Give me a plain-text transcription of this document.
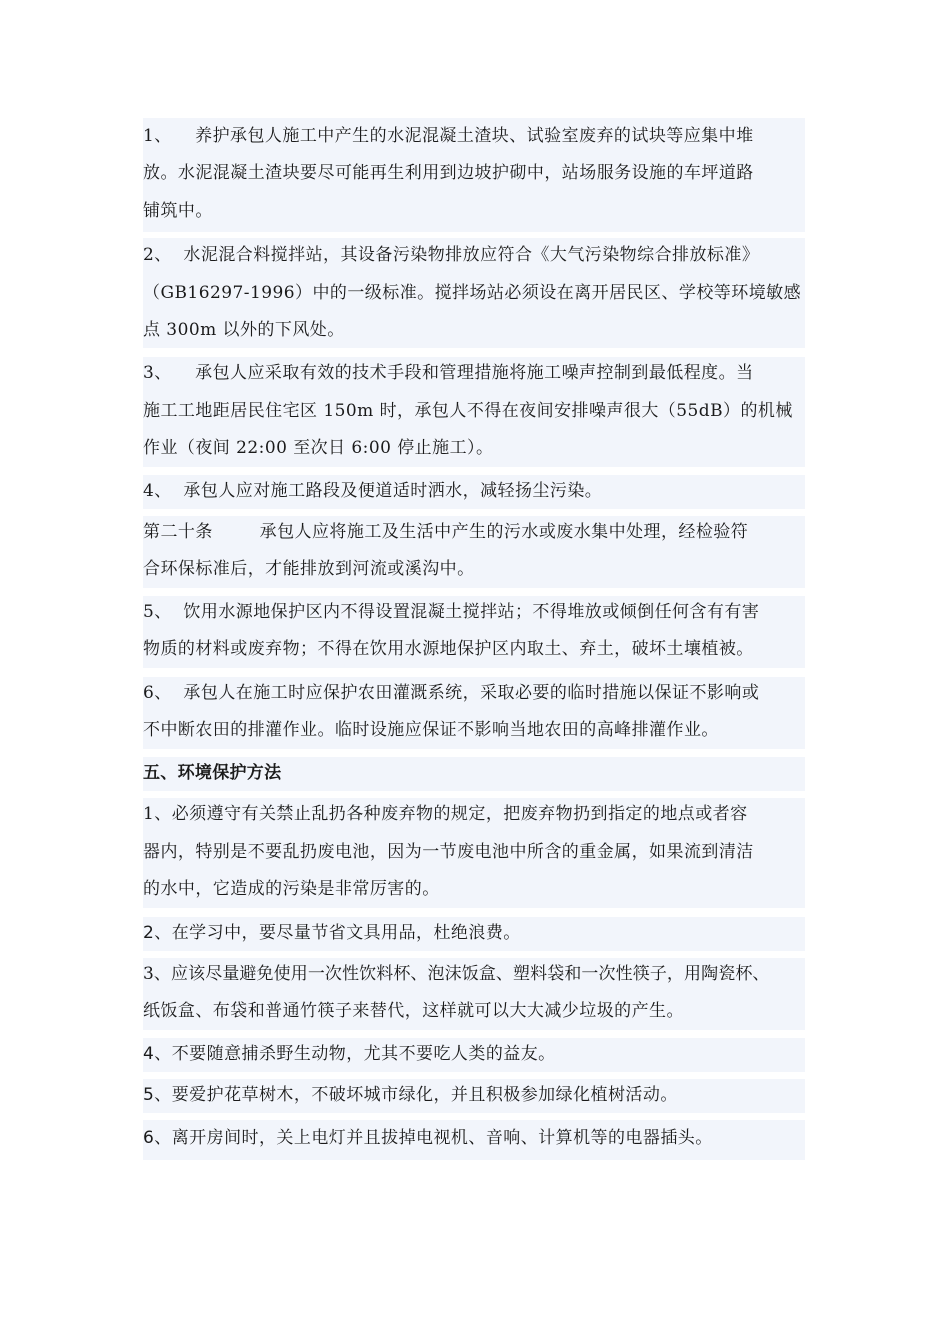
1、    养护承包人施工中产生的水泥混凝土渣块、试验室废弃的试块等应集中堆
放。水泥混凝土渣块要尽可能再生利用到边坡护砌中，站场服务设施的车坪道路
铺筑中。
2、  水泥混合料搅拌站，其设备污染物排放应符合《大气污染物综合排放标准》
（GB16297-1996）中的一级标准。搅拌场站必须设在离开居民区、学校等环境敏感
点 300m 以外的下风处。
3、    承包人应采取有效的技术手段和管理措施将施工噪声控制到最低程度。当
施工工地距居民住宅区 150m 时，承包人不得在夜间安排噪声很大（55dB）的机械
作业（夜间 22:00 至次日 6:00 停止施工）。
4、  承包人应对施工路段及便道适时洒水，减轻扬尘污染。
第二十条        承包人应将施工及生活中产生的污水或废水集中处理，经检验符
合环保标准后，才能排放到河流或溪沟中。
5、  饮用水源地保护区内不得设置混凝土搅拌站；不得堆放或倾倒任何含有有害
物质的材料或废弃物；不得在饮用水源地保护区内取土、弃土，破坏土壤植被。
6、  承包人在施工时应保护农田灌溉系统，采取必要的临时措施以保证不影响或
不中断农田的排灌作业。临时设施应保证不影响当地农田的高峰排灌作业。
五、环境保护方法
1、必须遵守有关禁止乱扔各种废弃物的规定，把废弃物扔到指定的地点或者容
器内，特别是不要乱扔废电池，因为一节废电池中所含的重金属，如果流到清洁
的水中，它造成的污染是非常厉害的。
2、在学习中，要尽量节省文具用品，杜绝浪费。
3、应该尽量避免使用一次性饮料杯、泡沫饭盒、塑料袋和一次性筷子，用陶瓷杯、
纸饭盒、布袋和普通竹筷子来替代，这样就可以大大减少垃圾的产生。
4、不要随意捕杀野生动物，尤其不要吃人类的益友。
5、要爱护花草树木，不破坏城市绿化，并且积极参加绿化植树活动。
6、离开房间时，关上电灯并且拔掉电视机、音响、计算机等的电器插头。
